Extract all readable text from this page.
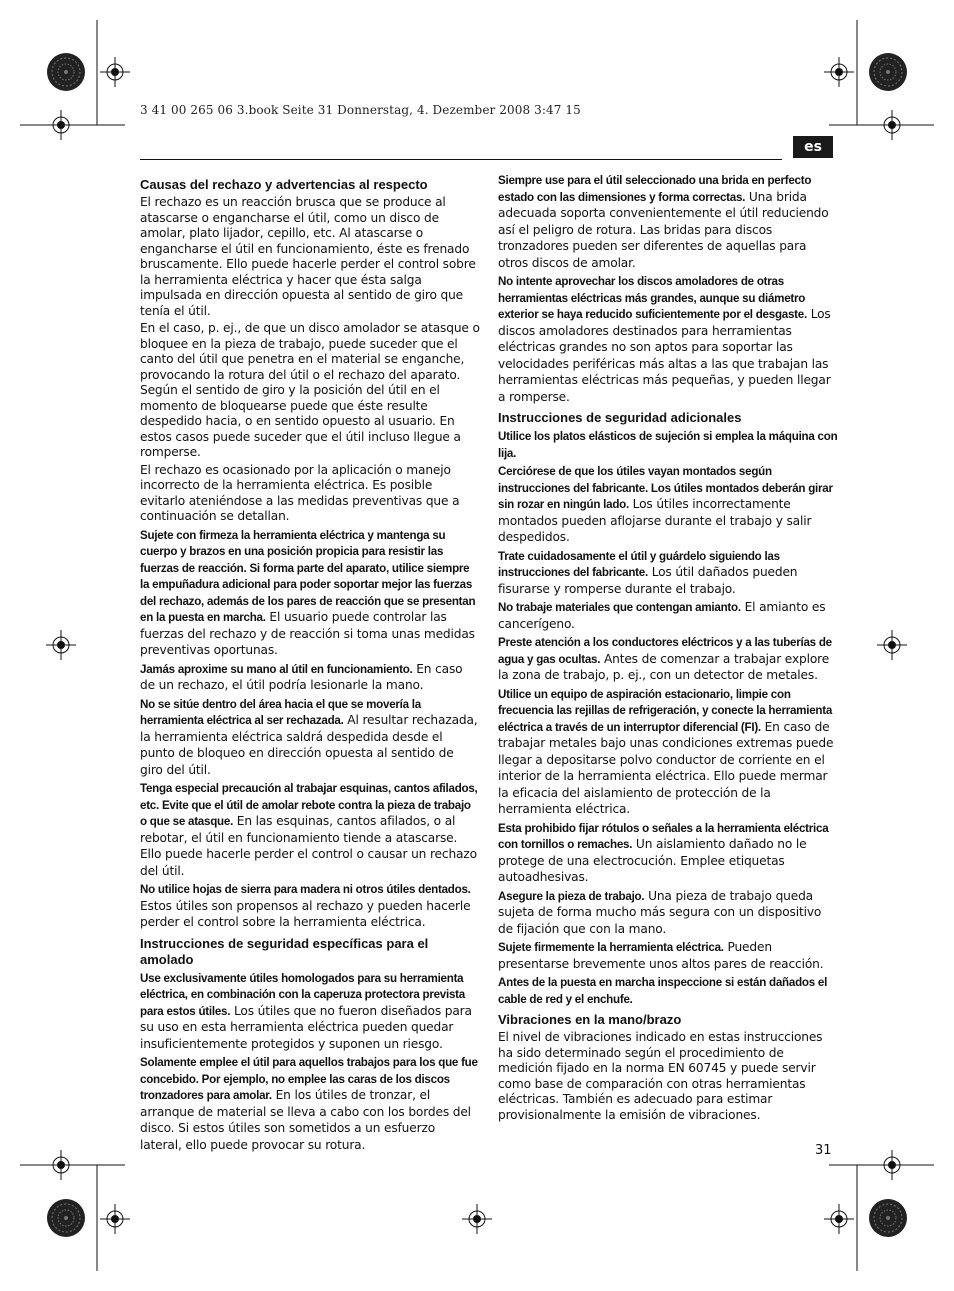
3 41 00 265 06 3.book Seite 31 Donnerstag, 4. Dezember 2008 3:47 15
es
Causas del rechazo y advertencias al respecto

El rechazo es un reacción brusca que se produce al atascarse o engancharse el útil, como un disco de amolar, plato lijador, cepillo, etc. Al atascarse o engancharse el útil en funcionamiento, éste es frenado bruscamente. Ello puede hacerle perder el control sobre la herramienta eléctrica y hacer que ésta salga impulsada en dirección opuesta al sentido de giro que tenía el útil.

En el caso, p. ej., de que un disco amolador se atasque o bloquee en la pieza de trabajo, puede suceder que el canto del útil que penetra en el material se enganche, provocando la rotura del útil o el rechazo del aparato. Según el sentido de giro y la posición del útil en el momento de bloquearse puede que éste resulte despedido hacia, o en sentido opuesto al usuario. En estos casos puede suceder que el útil incluso llegue a romperse.

El rechazo es ocasionado por la aplicación o manejo incorrecto de la herramienta eléctrica. Es posible evitarlo ateniéndose a las medidas preventivas que a continuación se detallan.

Sujete con firmeza la herramienta eléctrica y mantenga su cuerpo y brazos en una posición propicia para resistir las fuerzas de reacción. Si forma parte del aparato, utilice siempre la empuñadura adicional para poder soportar mejor las fuerzas del rechazo, además de los pares de reacción que se presentan en la puesta en marcha. El usuario puede controlar las fuerzas del rechazo y de reacción si toma unas medidas preventivas oportunas.

Jamás aproxime su mano al útil en funcionamiento. En caso de un rechazo, el útil podría lesionarle la mano.

No se sitúe dentro del área hacia el que se movería la herramienta eléctrica al ser rechazada. Al resultar rechazada, la herramienta eléctrica saldrá despedida desde el punto de bloqueo en dirección opuesta al sentido de giro del útil.

Tenga especial precaución al trabajar esquinas, cantos afilados, etc. Evite que el útil de amolar rebote contra la pieza de trabajo o que se atasque. En las esquinas, cantos afilados, o al rebotar, el útil en funcionamiento tiende a atascarse. Ello puede hacerle perder el control o causar un rechazo del útil.

No utilice hojas de sierra para madera ni otros útiles dentados. Estos útiles son propensos al rechazo y pueden hacerle perder el control sobre la herramienta eléctrica.

Instrucciones de seguridad específicas para el amolado

Use exclusivamente útiles homologados para su herramienta eléctrica, en combinación con la caperuza protectora prevista para estos útiles. Los útiles que no fueron diseñados para su uso en esta herramienta eléctrica pueden quedar insuficientemente protegidos y suponen un riesgo.

Solamente emplee el útil para aquellos trabajos para los que fue concebido. Por ejemplo, no emplee las caras de los discos tronzadores para amolar. En los útiles de tronzar, el arranque de material se lleva a cabo con los bordes del disco. Si estos útiles son sometidos a un esfuerzo lateral, ello puede provocar su rotura.

Siempre use para el útil seleccionado una brida en perfecto estado con las dimensiones y forma correctas. Una brida adecuada soporta convenientemente el útil reduciendo así el peligro de rotura. Las bridas para discos tronzadores pueden ser diferentes de aquellas para otros discos de amolar.

No intente aprovechar los discos amoladores de otras herramientas eléctricas más grandes, aunque su diámetro exterior se haya reducido suficientemente por el desgaste. Los discos amoladores destinados para herramientas eléctricas grandes no son aptos para soportar las velocidades periféricas más altas a las que trabajan las herramientas eléctricas más pequeñas, y pueden llegar a romperse.

Instrucciones de seguridad adicionales

Utilice los platos elásticos de sujeción si emplea la máquina con lija.

Cerciórese de que los útiles vayan montados según instrucciones del fabricante. Los útiles montados deberán girar sin rozar en ningún lado. Los útiles incorrectamente montados pueden aflojarse durante el trabajo y salir despedidos.

Trate cuidadosamente el útil y guárdelo siguiendo las instrucciones del fabricante. Los útil dañados pueden fisurarse y romperse durante el trabajo.

No trabaje materiales que contengan amianto. El amianto es cancerígeno.

Preste atención a los conductores eléctricos y a las tuberías de agua y gas ocultas. Antes de comenzar a trabajar explore la zona de trabajo, p. ej., con un detector de metales.

Utilice un equipo de aspiración estacionario, limpie con frecuencia las rejillas de refrigeración, y conecte la herramienta eléctrica a través de un interruptor diferencial (FI). En caso de trabajar metales bajo unas condiciones extremas puede llegar a depositarse polvo conductor de corriente en el interior de la herramienta eléctrica. Ello puede mermar la eficacia del aislamiento de protección de la herramienta eléctrica.

Esta prohibido fijar rótulos o señales a la herramienta eléctrica con tornillos o remaches. Un aislamiento dañado no le protege de una electrocución. Emplee etiquetas autoadhesivas.

Asegure la pieza de trabajo. Una pieza de trabajo queda sujeta de forma mucho más segura con un dispositivo de fijación que con la mano.

Sujete firmemente la herramienta eléctrica. Pueden presentarse brevemente unos altos pares de reacción.

Antes de la puesta en marcha inspeccione si están dañados el cable de red y el enchufe.

Vibraciones en la mano/brazo

El nivel de vibraciones indicado en estas instrucciones ha sido determinado según el procedimiento de medición fijado en la norma EN 60745 y puede servir como base de comparación con otras herramientas eléctricas. También es adecuado para estimar provisionalmente la emisión de vibraciones.

31
